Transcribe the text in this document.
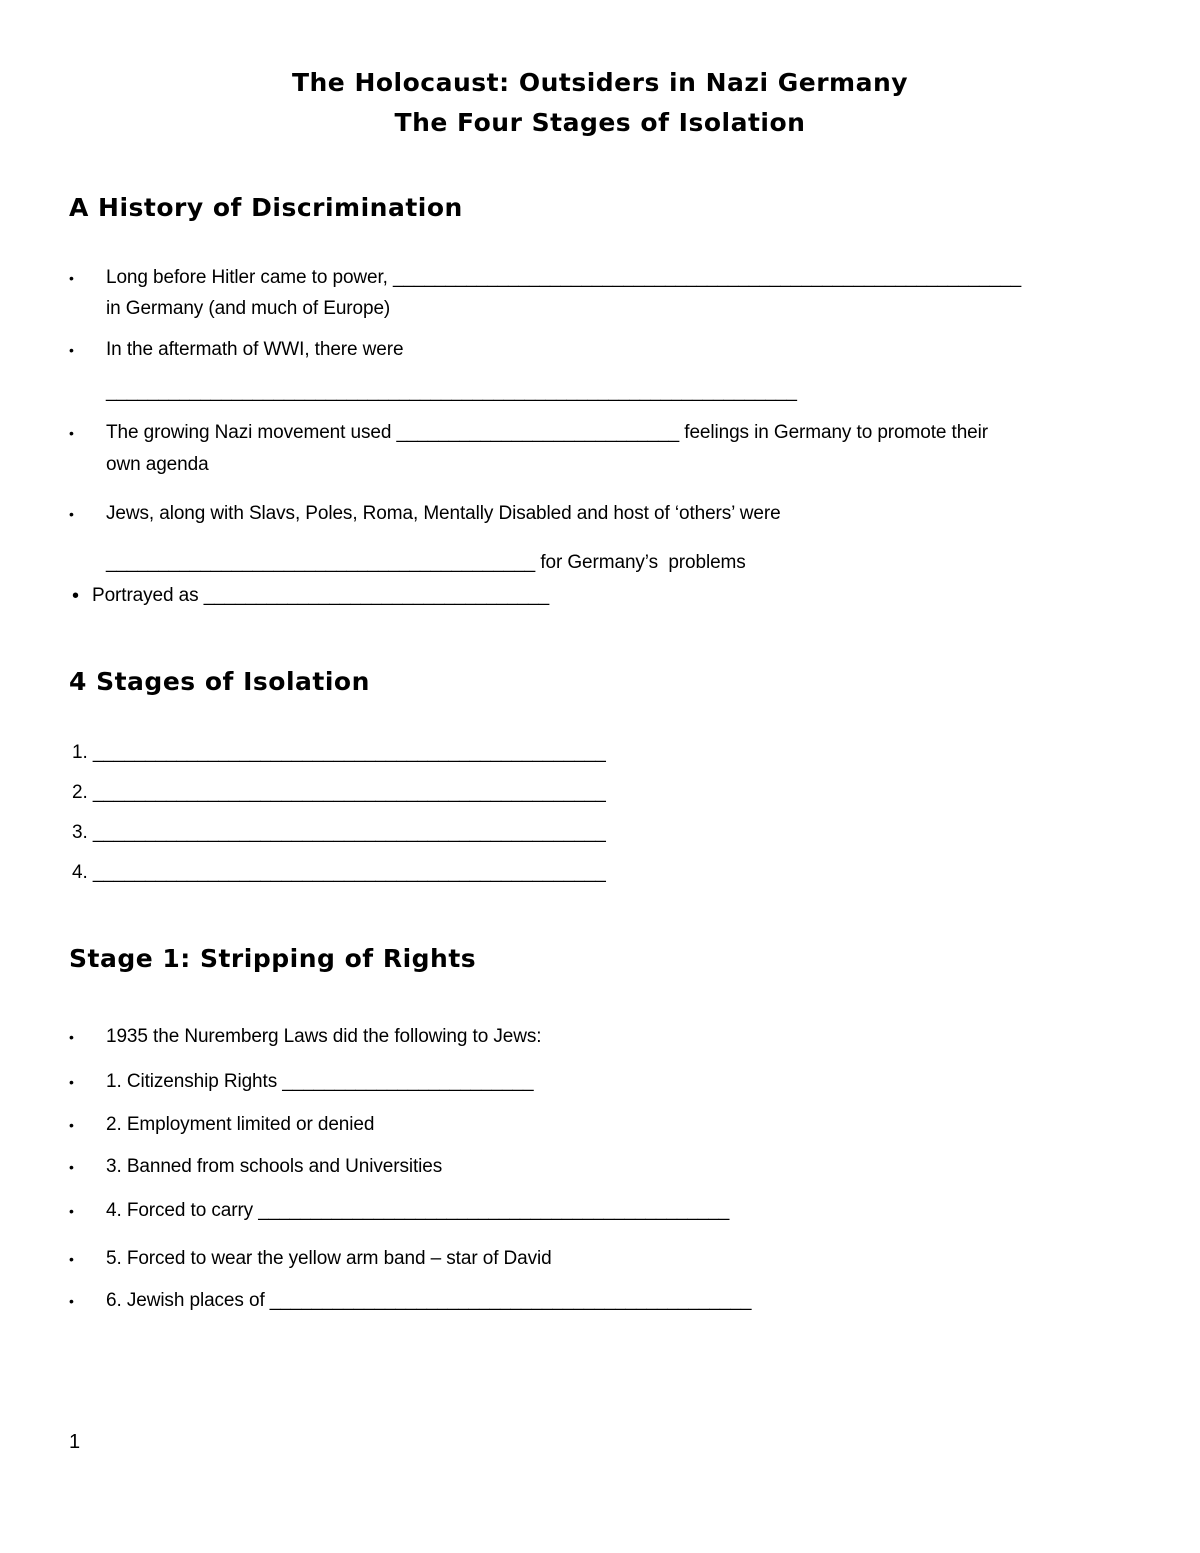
The Holocaust: Outsiders in Nazi Germany
The Four Stages of Isolation
A History of Discrimination
• Long before Hitler came to power, ____________________________________________________________
in Germany (and much of Europe)
• In the aftermath of WWI, there were
__________________________________________________________________
• The growing Nazi movement used ___________________________ feelings in Germany to promote their
own agenda
• Jews, along with Slavs, Poles, Roma, Mentally Disabled and host of ‘others’ were
_________________________________________ for Germany’s  problems
• Portrayed as _________________________________
4 Stages of Isolation
1. _________________________________________________
2. _________________________________________________
3. _________________________________________________
4. _________________________________________________
Stage 1: Stripping of Rights
• 1935 the Nuremberg Laws did the following to Jews:
• 1. Citizenship Rights ________________________
• 2. Employment limited or denied
• 3. Banned from schools and Universities
• 4. Forced to carry _____________________________________________
• 5. Forced to wear the yellow arm band – star of David
• 6. Jewish places of ______________________________________________
1
